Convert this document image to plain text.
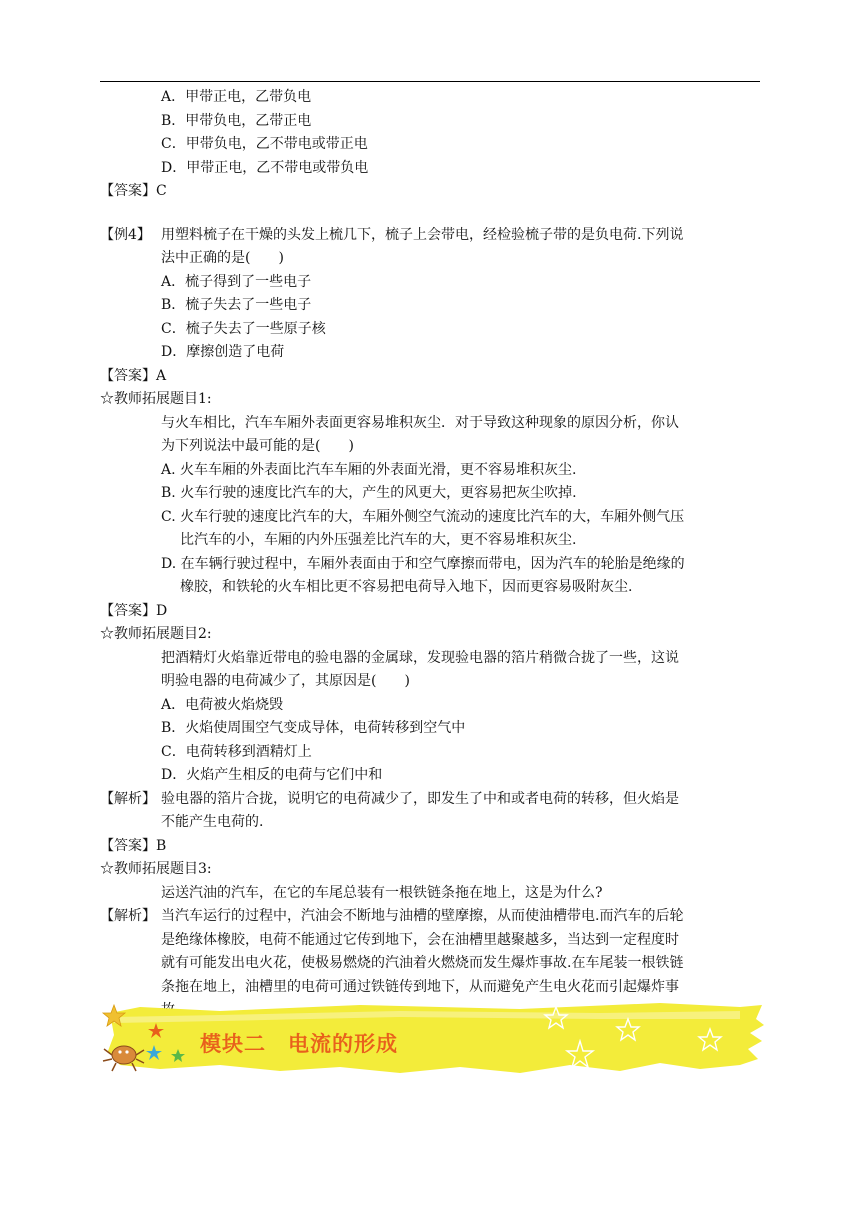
A．甲带正电，乙带负电
B．甲带负电，乙带正电
C．甲带负电，乙不带电或带正电
D．甲带正电，乙不带电或带负电
【答案】C
【例4】 用塑料梳子在干燥的头发上梳几下，梳子上会带电，经检验梳子带的是负电荷.下列说
法中正确的是(　　)
A．梳子得到了一些电子
B．梳子失去了一些电子
C．梳子失去了一些原子核
D．摩擦创造了电荷
【答案】A
☆教师拓展题目1:
与火车相比，汽车车厢外表面更容易堆积灰尘．对于导致这种现象的原因分析，你认
为下列说法中最可能的是(　　)
A. 火车车厢的外表面比汽车车厢的外表面光滑，更不容易堆积灰尘.
B. 火车行驶的速度比汽车的大，产生的风更大，更容易把灰尘吹掉.
C. 火车行驶的速度比汽车的大，车厢外侧空气流动的速度比汽车的大，车厢外侧气压
比汽车的小，车厢的内外压强差比汽车的大，更不容易堆积灰尘.
D. 在车辆行驶过程中，车厢外表面由于和空气摩擦而带电，因为汽车的轮胎是绝缘的
橡胶，和铁轮的火车相比更不容易把电荷导入地下，因而更容易吸附灰尘.
【答案】D
☆教师拓展题目2:
把酒精灯火焰靠近带电的验电器的金属球，发现验电器的箔片稍微合拢了一些，这说
明验电器的电荷减少了，其原因是(　　)
A．电荷被火焰烧毁
B．火焰使周围空气变成导体，电荷转移到空气中
C．电荷转移到酒精灯上
D．火焰产生相反的电荷与它们中和
【解析】 验电器的箔片合拢，说明它的电荷减少了，即发生了中和或者电荷的转移，但火焰是
不能产生电荷的.
【答案】B
☆教师拓展题目3:
运送汽油的汽车，在它的车尾总装有一根铁链条拖在地上，这是为什么?
【解析】 当汽车运行的过程中，汽油会不断地与油槽的壁摩擦，从而使油槽带电.而汽车的后轮
是绝缘体橡胶，电荷不能通过它传到地下，会在油槽里越聚越多，当达到一定程度时
就有可能发出电火花，使极易燃烧的汽油着火燃烧而发生爆炸事故.在车尾装一根铁链
条拖在地上，油槽里的电荷可通过铁链传到地下，从而避免产生电火花而引起爆炸事
模块二　电流的形成
